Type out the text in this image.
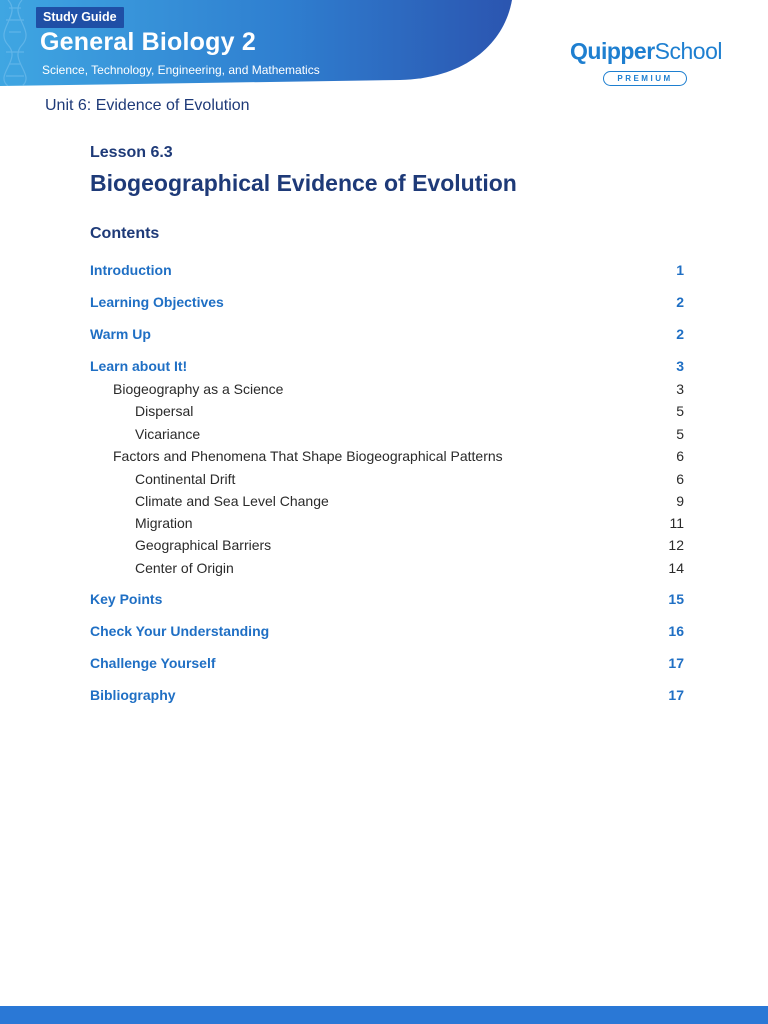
Study Guide
General Biology 2
Science, Technology, Engineering, and Mathematics
QuipperSchool
PREMIUM
Unit 6: Evidence of Evolution
Lesson 6.3
Biogeographical Evidence of Evolution
Contents
Introduction	1
Learning Objectives	2
Warm Up	2
Learn about It!	3
Biogeography as a Science	3
Dispersal	5
Vicariance	5
Factors and Phenomena That Shape Biogeographical Patterns	6
Continental Drift	6
Climate and Sea Level Change	9
Migration	11
Geographical Barriers	12
Center of Origin	14
Key Points	15
Check Your Understanding	16
Challenge Yourself	17
Bibliography	17
